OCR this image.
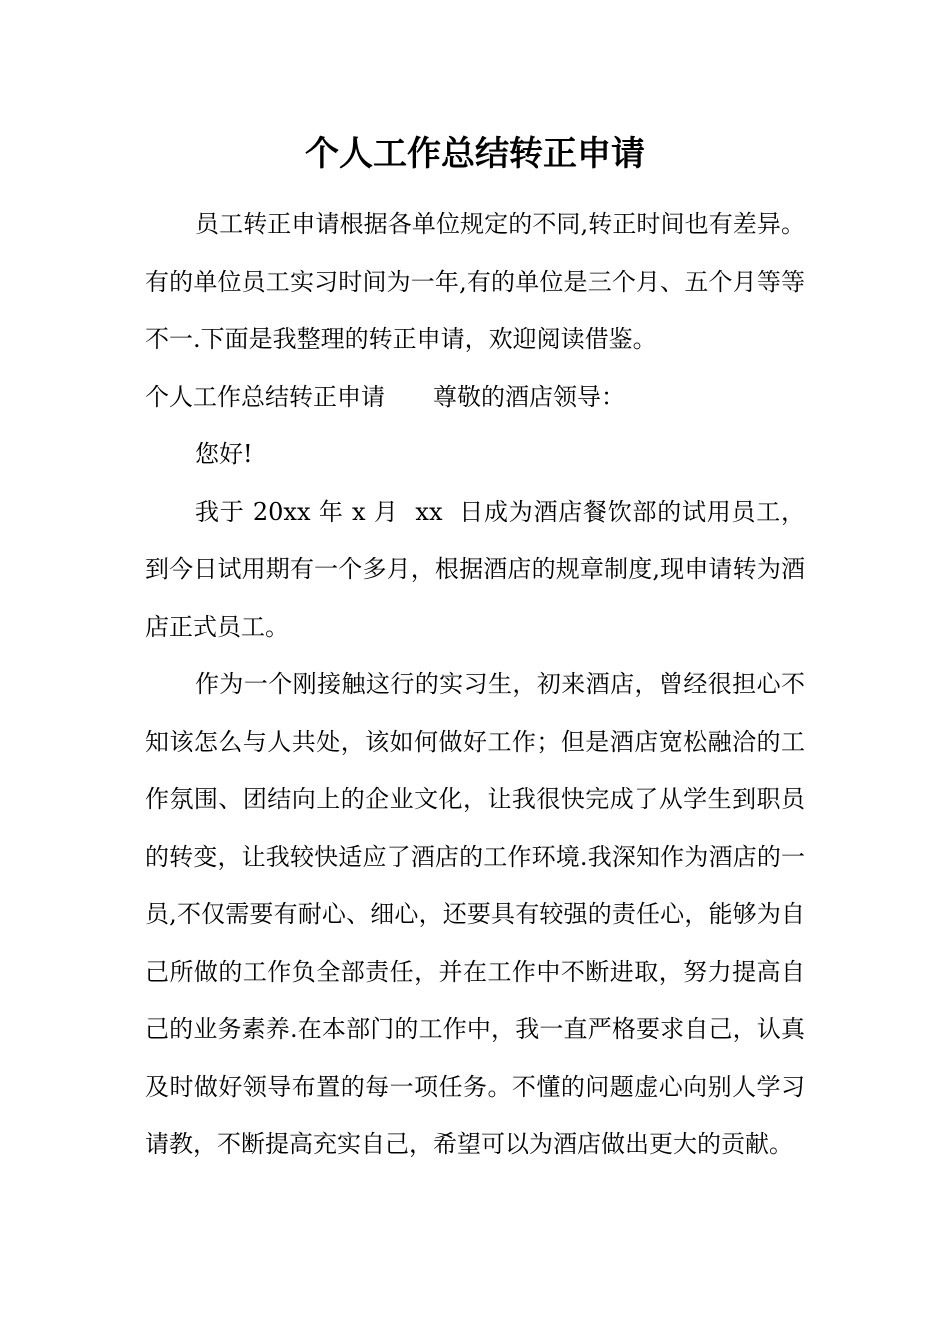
个人工作总结转正申请

员工转正申请根据各单位规定的不同,转正时间也有差异。有的单位员工实习时间为一年,有的单位是三个月、五个月等等不一.下面是我整理的转正申请，欢迎阅读借鉴。

个人工作总结转正申请 尊敬的酒店领导：

您好!

我于 20xx 年 x 月  xx  日成为酒店餐饮部的试用员工，到今日试用期有一个多月，根据酒店的规章制度,现申请转为酒店正式员工。

作为一个刚接触这行的实习生，初来酒店，曾经很担心不知该怎么与人共处，该如何做好工作；但是酒店宽松融洽的工作氛围、团结向上的企业文化，让我很快完成了从学生到职员的转变，让我较快适应了酒店的工作环境.我深知作为酒店的一员,不仅需要有耐心、细心，还要具有较强的责任心，能够为自己所做的工作负全部责任，并在工作中不断进取，努力提高自己的业务素养.在本部门的工作中，我一直严格要求自己，认真及时做好领导布置的每一项任务。不懂的问题虚心向别人学习请教，不断提高充实自己，希望可以为酒店做出更大的贡献。
